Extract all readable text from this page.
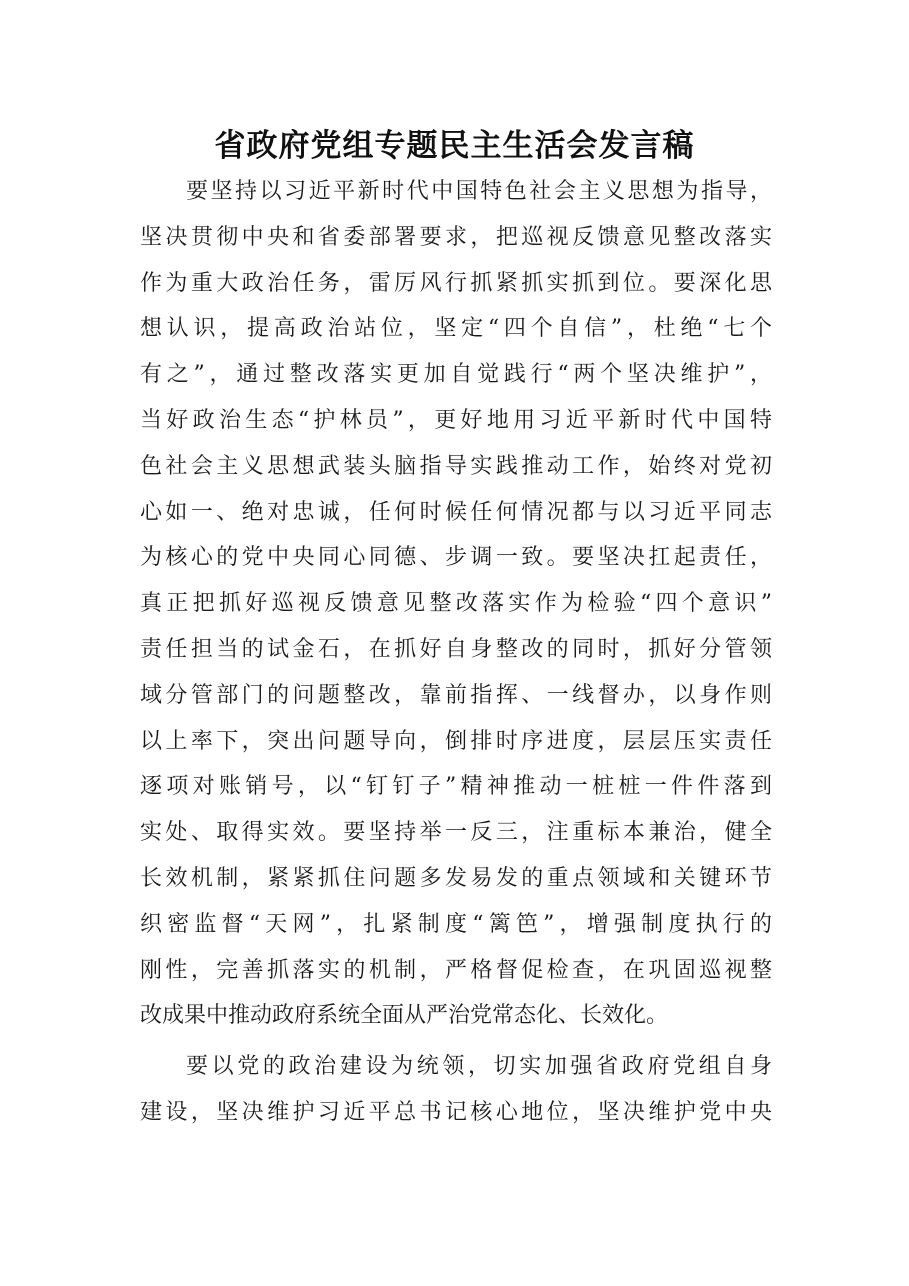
省政府党组专题民主生活会发言稿
要坚持以习近平新时代中国特色社会主义思想为指导，
坚决贯彻中央和省委部署要求，把巡视反馈意见整改落实
作为重大政治任务，雷厉风行抓紧抓实抓到位。要深化思
想认识，提高政治站位，坚定“四个自信”，杜绝“七个
有之”，通过整改落实更加自觉践行“两个坚决维护”，
当好政治生态“护林员”，更好地用习近平新时代中国特
色社会主义思想武装头脑指导实践推动工作，始终对党初
心如一、绝对忠诚，任何时候任何情况都与以习近平同志
为核心的党中央同心同德、步调一致。要坚决扛起责任，
真正把抓好巡视反馈意见整改落实作为检验“四个意识”
责任担当的试金石，在抓好自身整改的同时，抓好分管领
域分管部门的问题整改，靠前指挥、一线督办，以身作则
以上率下，突出问题导向，倒排时序进度，层层压实责任
逐项对账销号，以“钉钉子”精神推动一桩桩一件件落到
实处、取得实效。要坚持举一反三，注重标本兼治，健全
长效机制，紧紧抓住问题多发易发的重点领域和关键环节
织密监督“天网”，扎紧制度“篱笆”，增强制度执行的
刚性，完善抓落实的机制，严格督促检查，在巩固巡视整
改成果中推动政府系统全面从严治党常态化、长效化。
要以党的政治建设为统领，切实加强省政府党组自身
建设，坚决维护习近平总书记核心地位，坚决维护党中央
